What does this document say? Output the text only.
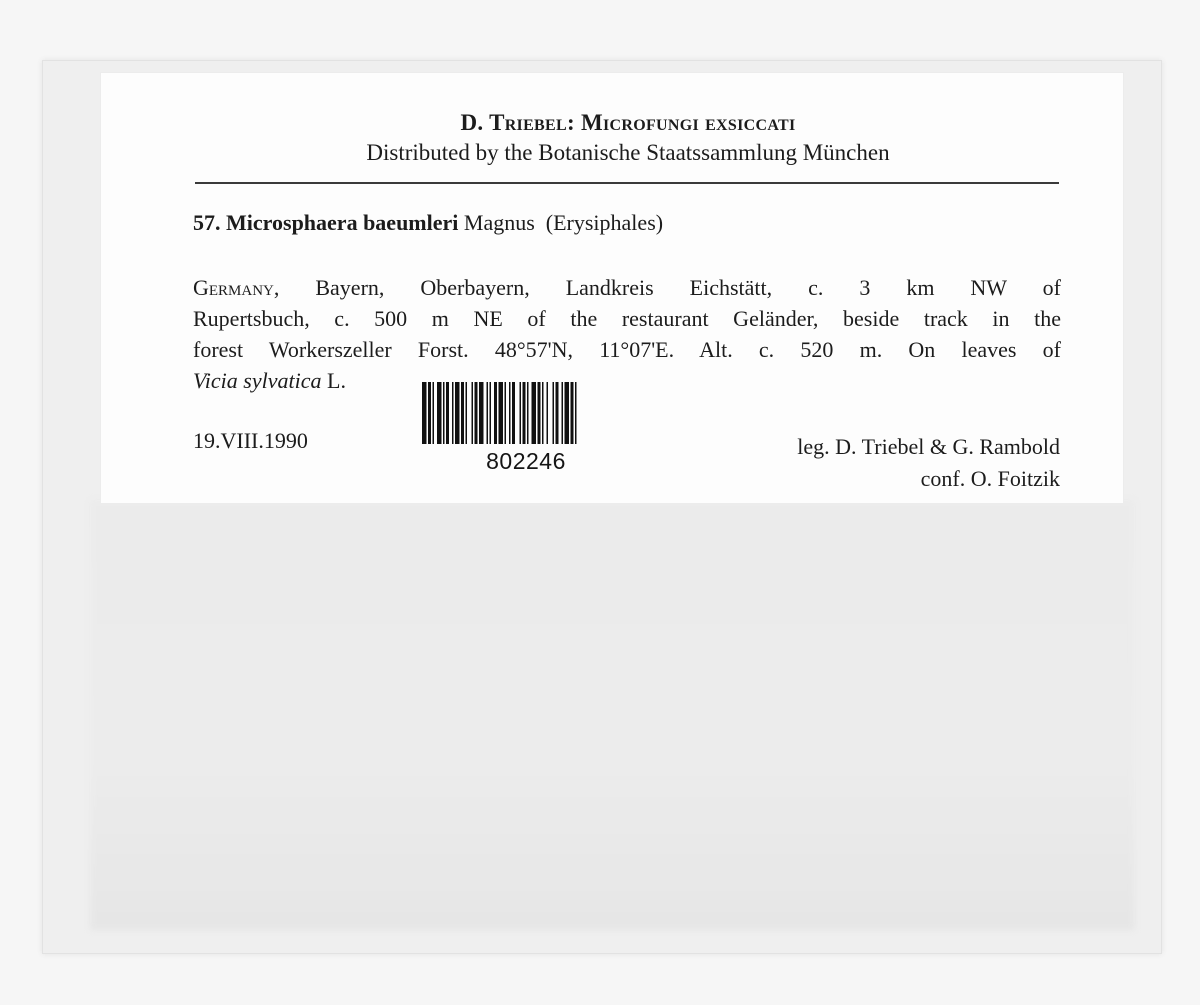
D. Triebel: Microfungi exsiccati
Distributed by the Botanische Staatssammlung München
57. Microsphaera baeumleri Magnus (Erysiphales)
Germany, Bayern, Oberbayern, Landkreis Eichstätt, c. 3 km NW of
Rupertsbuch, c. 500 m NE of the restaurant Geländer, beside track in the
forest Workerszeller Forst. 48°57'N, 11°07'E. Alt. c. 520 m. On leaves of
Vicia sylvatica L.
19.VIII.1990
802246
leg. D. Triebel & G. Rambold
conf. O. Foitzik
